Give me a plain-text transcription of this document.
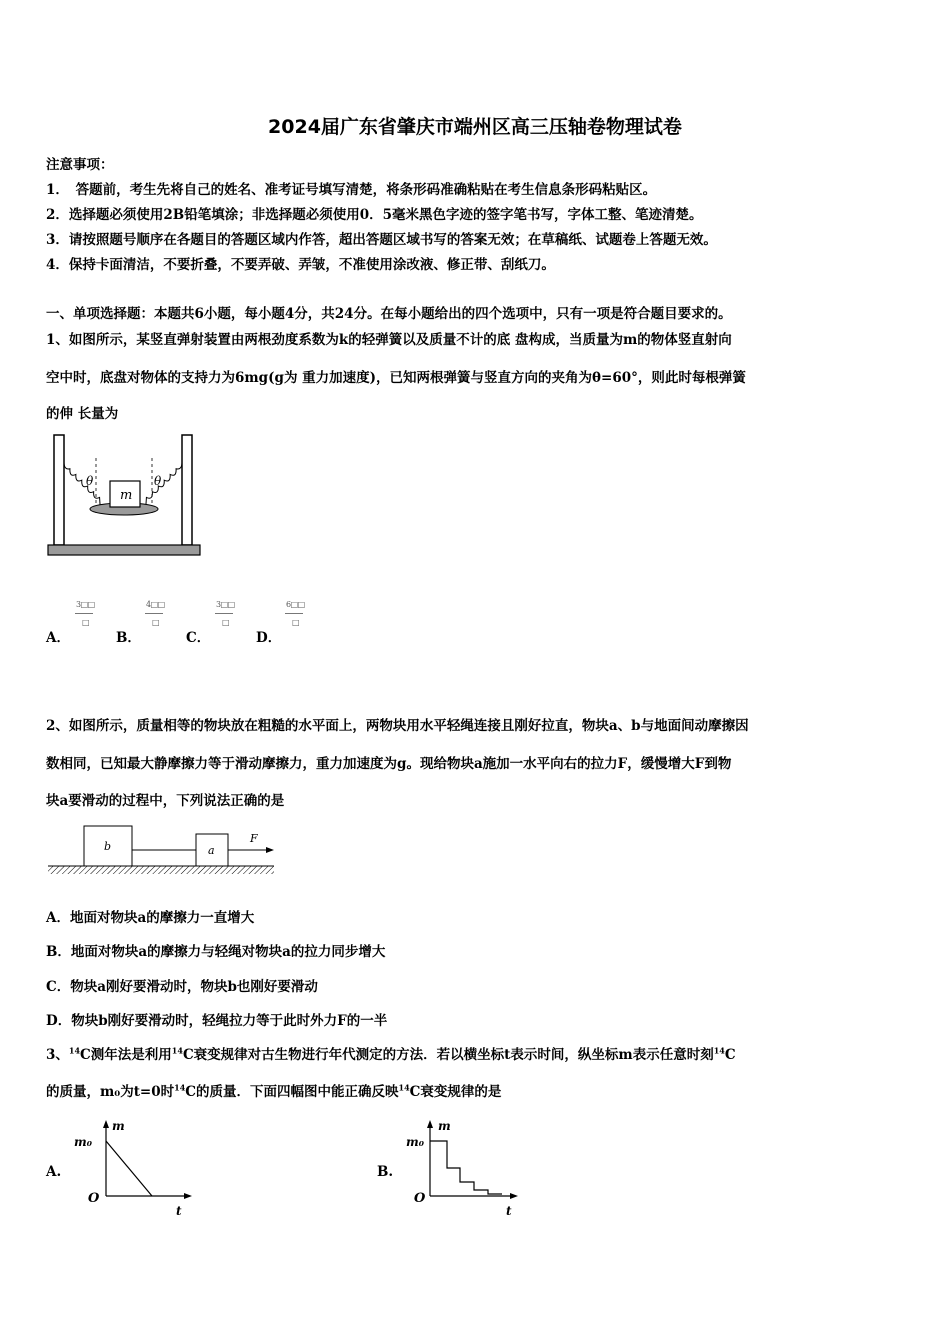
2024届广东省肇庆市端州区高三压轴卷物理试卷
注意事项：
1．　答题前，考生先将自己的姓名、准考证号填写清楚，将条形码准确粘贴在考生信息条形码粘贴区。
2．选择题必须使用2B铅笔填涂；非选择题必须使用0．5毫米黑色字迹的签字笔书写，字体工整、笔迹清楚。
3．请按照题号顺序在各题目的答题区域内作答，超出答题区域书写的答案无效；在草稿纸、试题卷上答题无效。
4．保持卡面清洁，不要折叠，不要弄破、弄皱，不准使用涂改液、修正带、刮纸刀。
一、单项选择题：本题共6小题，每小题4分，共24分。在每小题给出的四个选项中，只有一项是符合题目要求的。
1、如图所示，某竖直弹射装置由两根劲度系数为k的轻弹簧以及质量不计的底 盘构成，当质量为m的物体竖直射向
空中时，底盘对物体的支持力为6mg(g为 重力加速度)，已知两根弹簧与竖直方向的夹角为θ=60°，则此时每根弹簧
的伸 长量为
m
θ	θ
A．
3□□
□
B．
4□□
□
C．
3□□
□
D．
6□□
□
2、如图所示，质量相等的物块放在粗糙的水平面上，两物块用水平轻绳连接且刚好拉直，物块a、b与地面间动摩擦因
数相同，已知最大静摩擦力等于滑动摩擦力，重力加速度为g。现给物块a施加一水平向右的拉力F，缓慢增大F到物
块a要滑动的过程中，下列说法正确的是
b	a
F
A．地面对物块a的摩擦力一直增大
B．地面对物块a的摩擦力与轻绳对物块a的拉力同步增大
C．物块a刚好要滑动时，物块b也刚好要滑动
D．物块b刚好要滑动时，轻绳拉力等于此时外力F的一半
3、$^{14}$C测年法是利用$^{14}$C衰变规律对古生物进行年代测定的方法．若以横坐标t表示时间，纵坐标m表示任意时刻$^{14}$C
的质量，m₀为t=0时$^{14}$C的质量．下面四幅图中能正确反映$^{14}$C衰变规律的是
A.
m
m₀
O
t
B.
m
m₀
O
t
